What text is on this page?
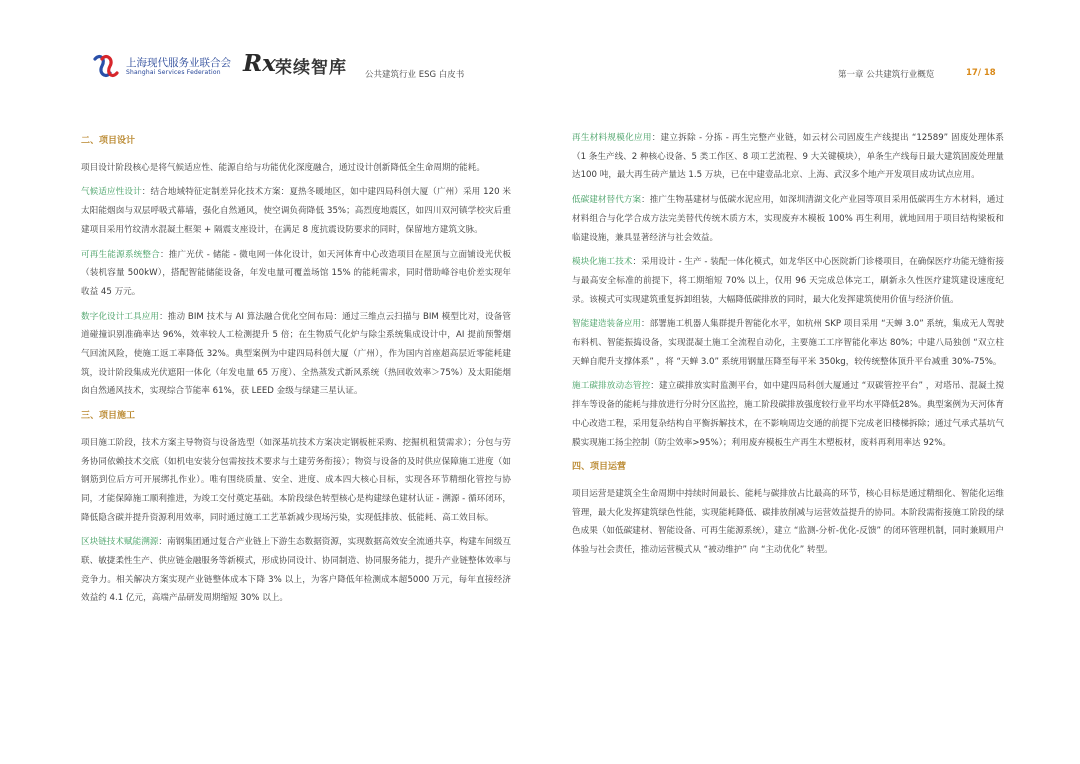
上海现代服务业联合会
Shanghai Services Federation Rx 荣续智库 公共建筑行业 ESG 白皮书	第一章 公共建筑行业概览	17/ 18
二、项目设计

项目设计阶段核心是将气候适应性、能源自给与功能优化深度融合，通过设计创新降低全生命周期的能耗。

气候适应性设计：结合地域特征定制差异化技术方案：夏热冬暖地区，如中建四局科创大厦（广州）采用 120 米太阳能烟囱与双层呼吸式幕墙，强化自然通风，使空调负荷降低 35%；高烈度地震区，如四川双河镇学校灾后重建项目采用竹纹清水混凝土框架 + 隔震支座设计，在满足 8 度抗震设防要求的同时，保留地方建筑文脉。

可再生能源系统整合：推广光伏 - 储能 - 微电网一体化设计，如天河体育中心改造项目在屋顶与立面铺设光伏板（装机容量 500kW），搭配智能储能设备，年发电量可覆盖场馆 15% 的能耗需求，同时借助峰谷电价差实现年收益 45 万元。

数字化设计工具应用：推动 BIM 技术与 AI 算法融合优化空间布局：通过三维点云扫描与 BIM 模型比对，设备管道碰撞识别准确率达 96%，效率较人工检测提升 5 倍；在生物质气化炉与除尘系统集成设计中，AI 提前预警烟气回流风险，使施工返工率降低 32%。典型案例为中建四局科创大厦（广州），作为国内首座超高层近零能耗建筑，设计阶段集成光伏遮阳一体化（年发电量 65 万度）、全热蒸发式新风系统（热回收效率＞75%）及太阳能烟囱自然通风技术，实现综合节能率 61%，获 LEED 金级与绿建三星认证。

三、项目施工

项目施工阶段，技术方案主导物资与设备选型（如深基坑技术方案决定钢板桩采购、挖掘机租赁需求）；分包与劳务协同依赖技术交底（如机电安装分包需按技术要求与土建劳务衔接）；物资与设备的及时供应保障施工进度（如钢筋到位后方可开展绑扎作业）。唯有围绕质量、安全、进度、成本四大核心目标，实现各环节精细化管控与协同，才能保障施工顺利推进，为竣工交付奠定基础。本阶段绿色转型核心是构建绿色建材认证 - 溯源 - 循环闭环，降低隐含碳并提升资源利用效率，同时通过施工工艺革新减少现场污染，实现低排放、低能耗、高工效目标。

区块链技术赋能溯源：南钢集团通过复合产业链上下游生态数据资源，实现数据高效安全流通共享，构建车间级互联、敏捷柔性生产、供应链金融服务等新模式，形成协同设计、协同制造、协同服务能力，提升产业链整体效率与竞争力。相关解决方案实现产业链整体成本下降 3% 以上，为客户降低年检测成本超5000 万元，每年直接经济效益约 4.1 亿元，高端产品研发周期缩短 30% 以上。

再生材料规模化应用：建立拆除 - 分拣 - 再生完整产业链，如云材公司固废生产线提出 “12589” 固废处理体系（1 条生产线、2 种核心设备、5 类工作区、8 项工艺流程、9 大关键模块），单条生产线每日最大建筑固废处理量达100 吨，最大再生砖产量达 1.5 万块，已在中建壹品北京、上海、武汉多个地产开发项目成功试点应用。

低碳建材替代方案：推广生物基建材与低碳水泥应用，如深圳清湖文化产业园等项目采用低碳再生方木材料，通过材料组合与化学合成方法完美替代传统木质方木，实现废弃木模板 100% 再生利用，就地回用于项目结构梁板和临建设施，兼具显著经济与社会效益。

模块化施工技术：采用设计 - 生产 - 装配一体化模式，如龙华区中心医院新门诊楼项目，在确保医疗功能无缝衔接与最高安全标准的前提下，将工期缩短 70% 以上，仅用 96 天完成总体完工，刷新永久性医疗建筑建设速度纪录。该模式可实现建筑重复拆卸组装，大幅降低碳排放的同时，最大化发挥建筑使用价值与经济价值。

智能建造装备应用：部署施工机器人集群提升智能化水平，如杭州 SKP 项目采用 “天蝉 3.0” 系统，集成无人驾驶布料机、智能振捣设备，实现混凝土施工全流程自动化，主要施工工序智能化率达 80%；中建八局独创 “双立柱天蝉自爬升支撑体系” ，将 “天蝉 3.0” 系统用钢量压降至每平米 350kg，较传统整体顶升平台减重 30%-75%。

施工碳排放动态管控：建立碳排放实时监测平台，如中建四局科创大厦通过 “双碳管控平台” ，对塔吊、混凝土搅拌车等设备的能耗与排放进行分时分区监控，施工阶段碳排放强度较行业平均水平降低28%。典型案例为天河体育中心改造工程，采用复杂结构自平衡拆解技术，在不影响周边交通的前提下完成老旧楼梯拆除；通过气承式基坑气膜实现施工扬尘控制（防尘效率>95%）；利用废弃模板生产再生木塑板材，废料再利用率达 92%。

四、项目运营

项目运营是建筑全生命周期中持续时间最长、能耗与碳排放占比最高的环节，核心目标是通过精细化、智能化运维管理，最大化发挥建筑绿色性能，实现能耗降低、碳排放削减与运营效益提升的协同。本阶段需衔接施工阶段的绿色成果（如低碳建材、智能设备、可再生能源系统），建立 “监测-分析-优化-反馈” 的闭环管理机制，同时兼顾用户体验与社会责任，推动运营模式从 “被动维护” 向 “主动优化” 转型。
